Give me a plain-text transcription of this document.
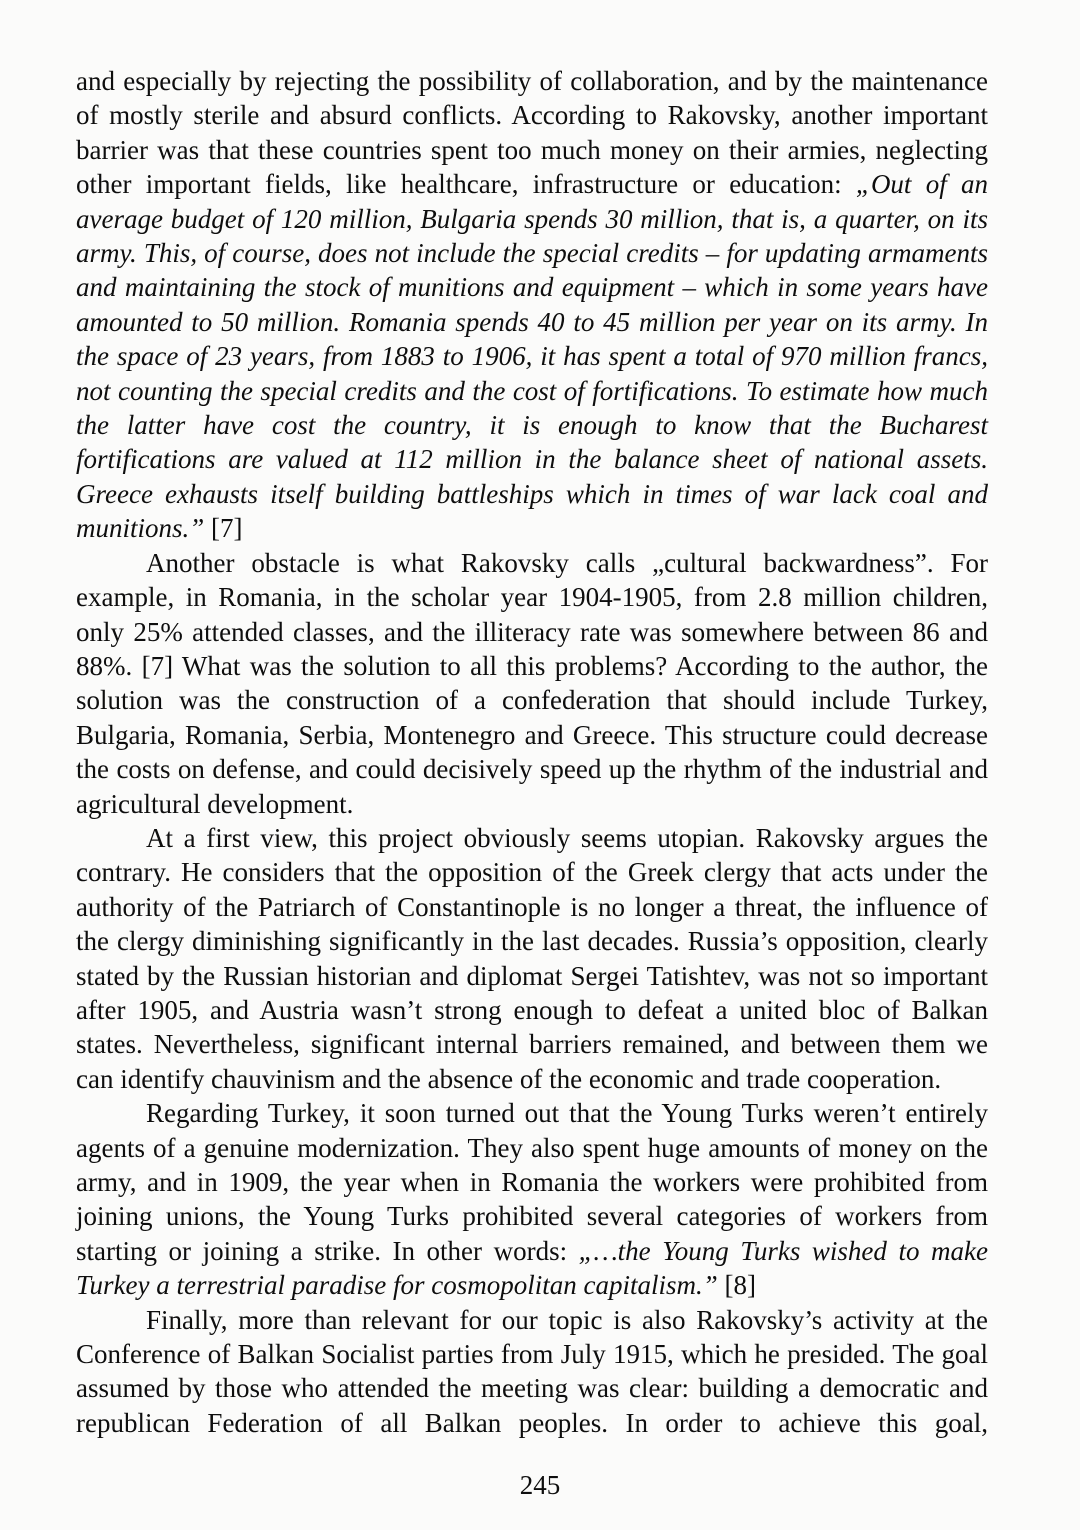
and especially by rejecting the possibility of collaboration, and by the maintenance of mostly sterile and absurd conflicts. According to Rakovsky, another important barrier was that these countries spent too much money on their armies, neglecting other important fields, like healthcare, infrastructure or education: „Out of an average budget of 120 million, Bulgaria spends 30 million, that is, a quarter, on its army. This, of course, does not include the special credits – for updating armaments and maintaining the stock of munitions and equipment – which in some years have amounted to 50 million. Romania spends 40 to 45 million per year on its army. In the space of 23 years, from 1883 to 1906, it has spent a total of 970 million francs, not counting the special credits and the cost of fortifications. To estimate how much the latter have cost the country, it is enough to know that the Bucharest fortifications are valued at 112 million in the balance sheet of national assets. Greece exhausts itself building battleships which in times of war lack coal and munitions.” [7]

Another obstacle is what Rakovsky calls „cultural backwardness”. For example, in Romania, in the scholar year 1904-1905, from 2.8 million children, only 25% attended classes, and the illiteracy rate was somewhere between 86 and 88%. [7] What was the solution to all this problems? According to the author, the solution was the construction of a confederation that should include Turkey, Bulgaria, Romania, Serbia, Montenegro and Greece. This structure could decrease the costs on defense, and could decisively speed up the rhythm of the industrial and agricultural development.

At a first view, this project obviously seems utopian. Rakovsky argues the contrary. He considers that the opposition of the Greek clergy that acts under the authority of the Patriarch of Constantinople is no longer a threat, the influence of the clergy diminishing significantly in the last decades. Russia’s opposition, clearly stated by the Russian historian and diplomat Sergei Tatishtev, was not so important after 1905, and Austria wasn’t strong enough to defeat a united bloc of Balkan states. Nevertheless, significant internal barriers remained, and between them we can identify chauvinism and the absence of the economic and trade cooperation.

Regarding Turkey, it soon turned out that the Young Turks weren’t entirely agents of a genuine modernization. They also spent huge amounts of money on the army, and in 1909, the year when in Romania the workers were prohibited from joining unions, the Young Turks prohibited several categories of workers from starting or joining a strike. In other words: „…the Young Turks wished to make Turkey a terrestrial paradise for cosmopolitan capitalism.” [8]

Finally, more than relevant for our topic is also Rakovsky’s activity at the Conference of Balkan Socialist parties from July 1915, which he presided. The goal assumed by those who attended the meeting was clear: building a democratic and republican Federation of all Balkan peoples. In order to achieve this goal,

245
